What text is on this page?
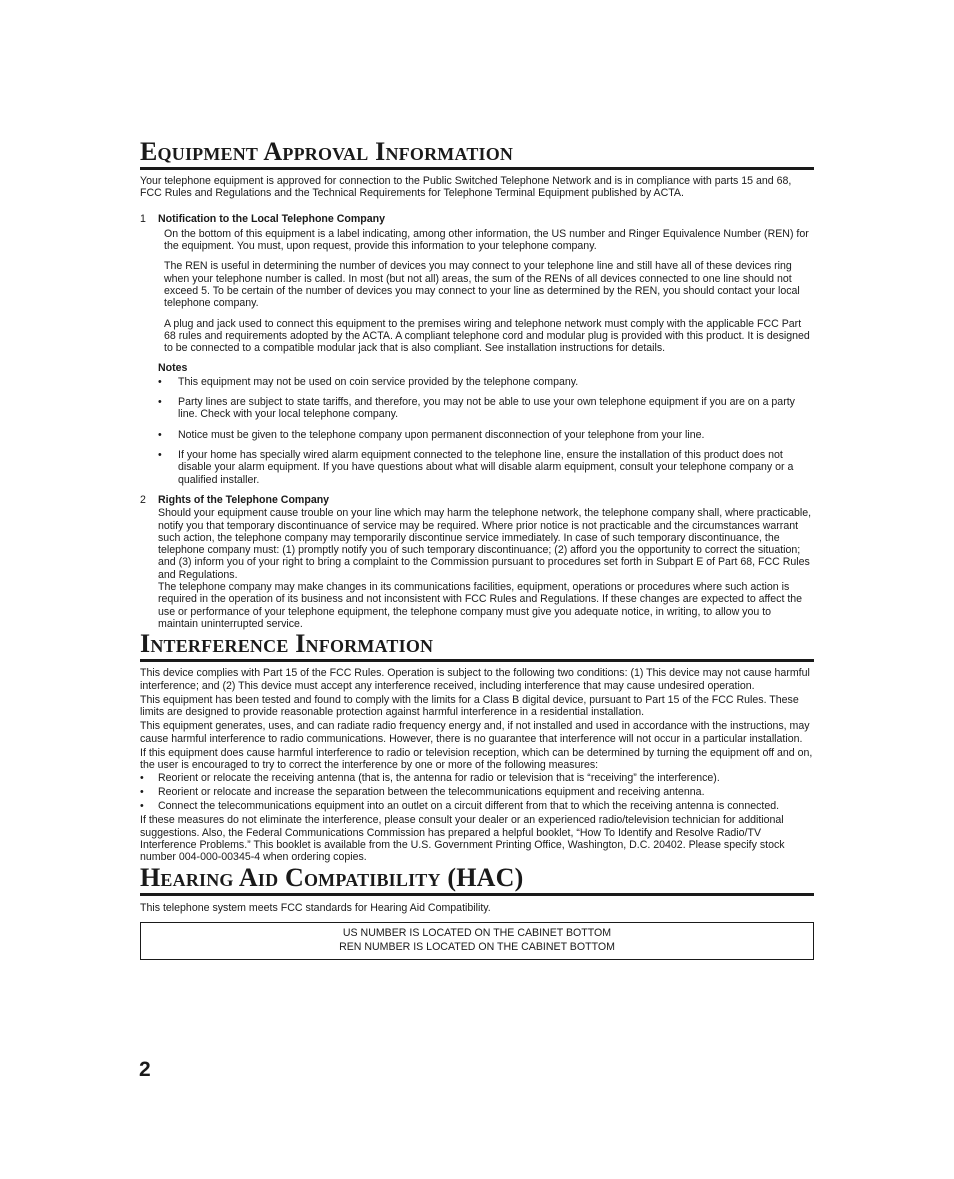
Equipment Approval Information

Your telephone equipment is approved for connection to the Public Switched Telephone Network and is in compliance with parts 15 and 68, FCC Rules and Regulations and the Technical Requirements for Telephone Terminal Equipment published by ACTA.

1 Notification to the Local Telephone Company

On the bottom of this equipment is a label indicating, among other information, the US number and Ringer Equivalence Number (REN) for the equipment. You must, upon request, provide this information to your telephone company.

The REN is useful in determining the number of devices you may connect to your telephone line and still have all of these devices ring when your telephone number is called. In most (but not all) areas, the sum of the RENs of all devices connected to one line should not exceed 5. To be certain of the number of devices you may connect to your line as determined by the REN, you should contact your local telephone company.

A plug and jack used to connect this equipment to the premises wiring and telephone network must comply with the applicable FCC Part 68 rules and requirements adopted by the ACTA. A compliant telephone cord and modular plug is provided with this product. It is designed to be connected to a compatible modular jack that is also compliant. See installation instructions for details.

Notes
• This equipment may not be used on coin service provided by the telephone company.
• Party lines are subject to state tariffs, and therefore, you may not be able to use your own telephone equipment if you are on a party line. Check with your local telephone company.
• Notice must be given to the telephone company upon permanent disconnection of your telephone from your line.
• If your home has specially wired alarm equipment connected to the telephone line, ensure the installation of this product does not disable your alarm equipment. If you have questions about what will disable alarm equipment, consult your telephone company or a qualified installer.
2 Rights of the Telephone Company

Should your equipment cause trouble on your line which may harm the telephone network, the telephone company shall, where practicable, notify you that temporary discontinuance of service may be required. Where prior notice is not practicable and the circumstances warrant such action, the telephone company may temporarily discontinue service immediately. In case of such temporary discontinuance, the telephone company must: (1) promptly notify you of such temporary discontinuance; (2) afford you the opportunity to correct the situation; and (3) inform you of your right to bring a complaint to the Commission pursuant to procedures set forth in Subpart E of Part 68, FCC Rules and Regulations.

The telephone company may make changes in its communications facilities, equipment, operations or procedures where such action is required in the operation of its business and not inconsistent with FCC Rules and Regulations. If these changes are expected to affect the use or performance of your telephone equipment, the telephone company must give you adequate notice, in writing, to allow you to maintain uninterrupted service.

Interference Information

This device complies with Part 15 of the FCC Rules. Operation is subject to the following two conditions: (1) This device may not cause harmful interference; and (2) This device must accept any interference received, including interference that may cause undesired operation.

This equipment has been tested and found to comply with the limits for a Class B digital device, pursuant to Part 15 of the FCC Rules. These limits are designed to provide reasonable protection against harmful interference in a residential installation.

This equipment generates, uses, and can radiate radio frequency energy and, if not installed and used in accordance with the instructions, may cause harmful interference to radio communications. However, there is no guarantee that interference will not occur in a particular installation.

If this equipment does cause harmful interference to radio or television reception, which can be determined by turning the equipment off and on, the user is encouraged to try to correct the interference by one or more of the following measures:

• Reorient or relocate the receiving antenna (that is, the antenna for radio or television that is “receiving” the interference).
• Reorient or relocate and increase the separation between the telecommunications equipment and receiving antenna.
• Connect the telecommunications equipment into an outlet on a circuit different from that to which the receiving antenna is connected.

If these measures do not eliminate the interference, please consult your dealer or an experienced radio/television technician for additional suggestions. Also, the Federal Communications Commission has prepared a helpful booklet, “How To Identify and Resolve Radio/TV Interference Problems.” This booklet is available from the U.S. Government Printing Office, Washington, D.C. 20402. Please specify stock number 004-000-00345-4 when ordering copies.

Hearing Aid Compatibility (HAC)

This telephone system meets FCC standards for Hearing Aid Compatibility.

US NUMBER IS LOCATED ON THE CABINET BOTTOM
REN NUMBER IS LOCATED ON THE CABINET BOTTOM
2
